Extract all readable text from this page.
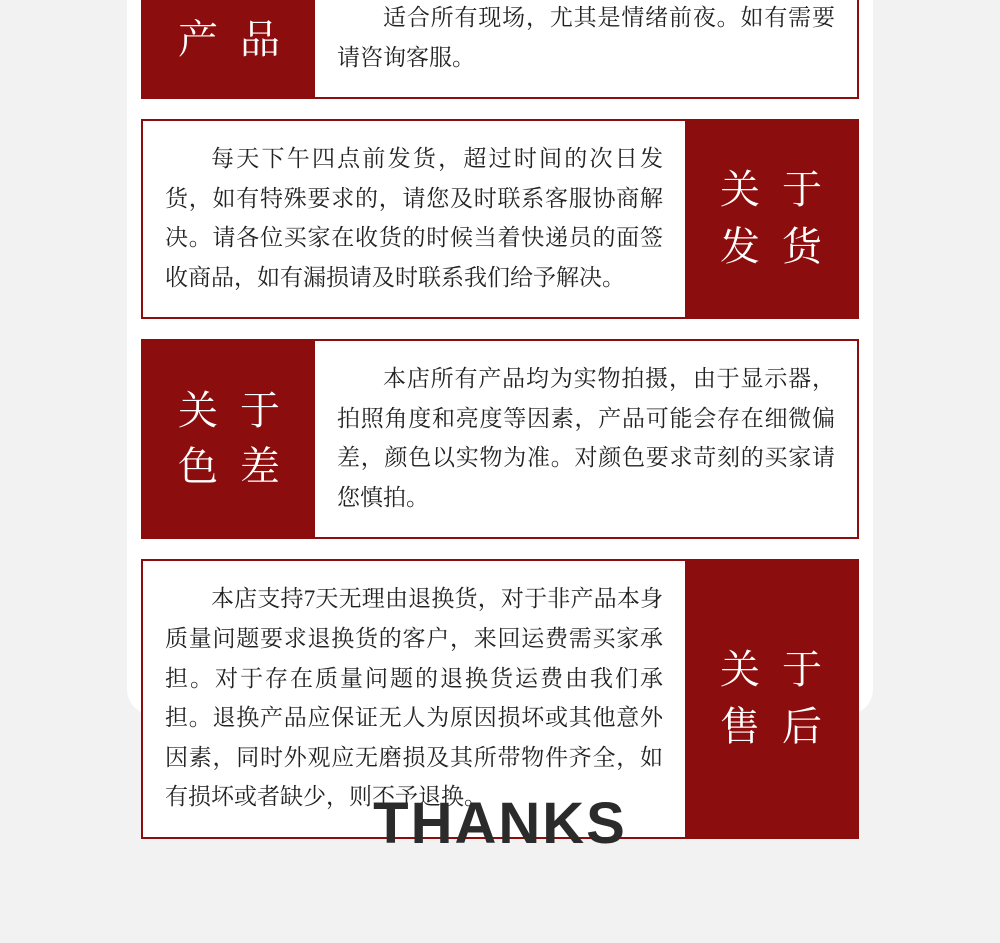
产 品	适合所有现场，尤其是情绪前夜。如有需要请咨询客服。
关 于
发 货
每天下午四点前发货，超过时间的次日发货，如有特殊要求的，请您及时联系客服协商解决。请各位买家在收货的时候当着快递员的面签收商品，如有漏损请及时联系我们给予解决。
关 于
色 差
本店所有产品均为实物拍摄，由于显示器，拍照角度和亮度等因素，产品可能会存在细微偏差，颜色以实物为准。对颜色要求苛刻的买家请您慎拍。
关 于
售 后
本店支持7天无理由退换货，对于非产品本身质量问题要求退换货的客户，来回运费需买家承担。对于存在质量问题的退换货运费由我们承担。退换产品应保证无人为原因损坏或其他意外因素，同时外观应无磨损及其所带物件齐全，如有损坏或者缺少，则不予退换。
THANKS
